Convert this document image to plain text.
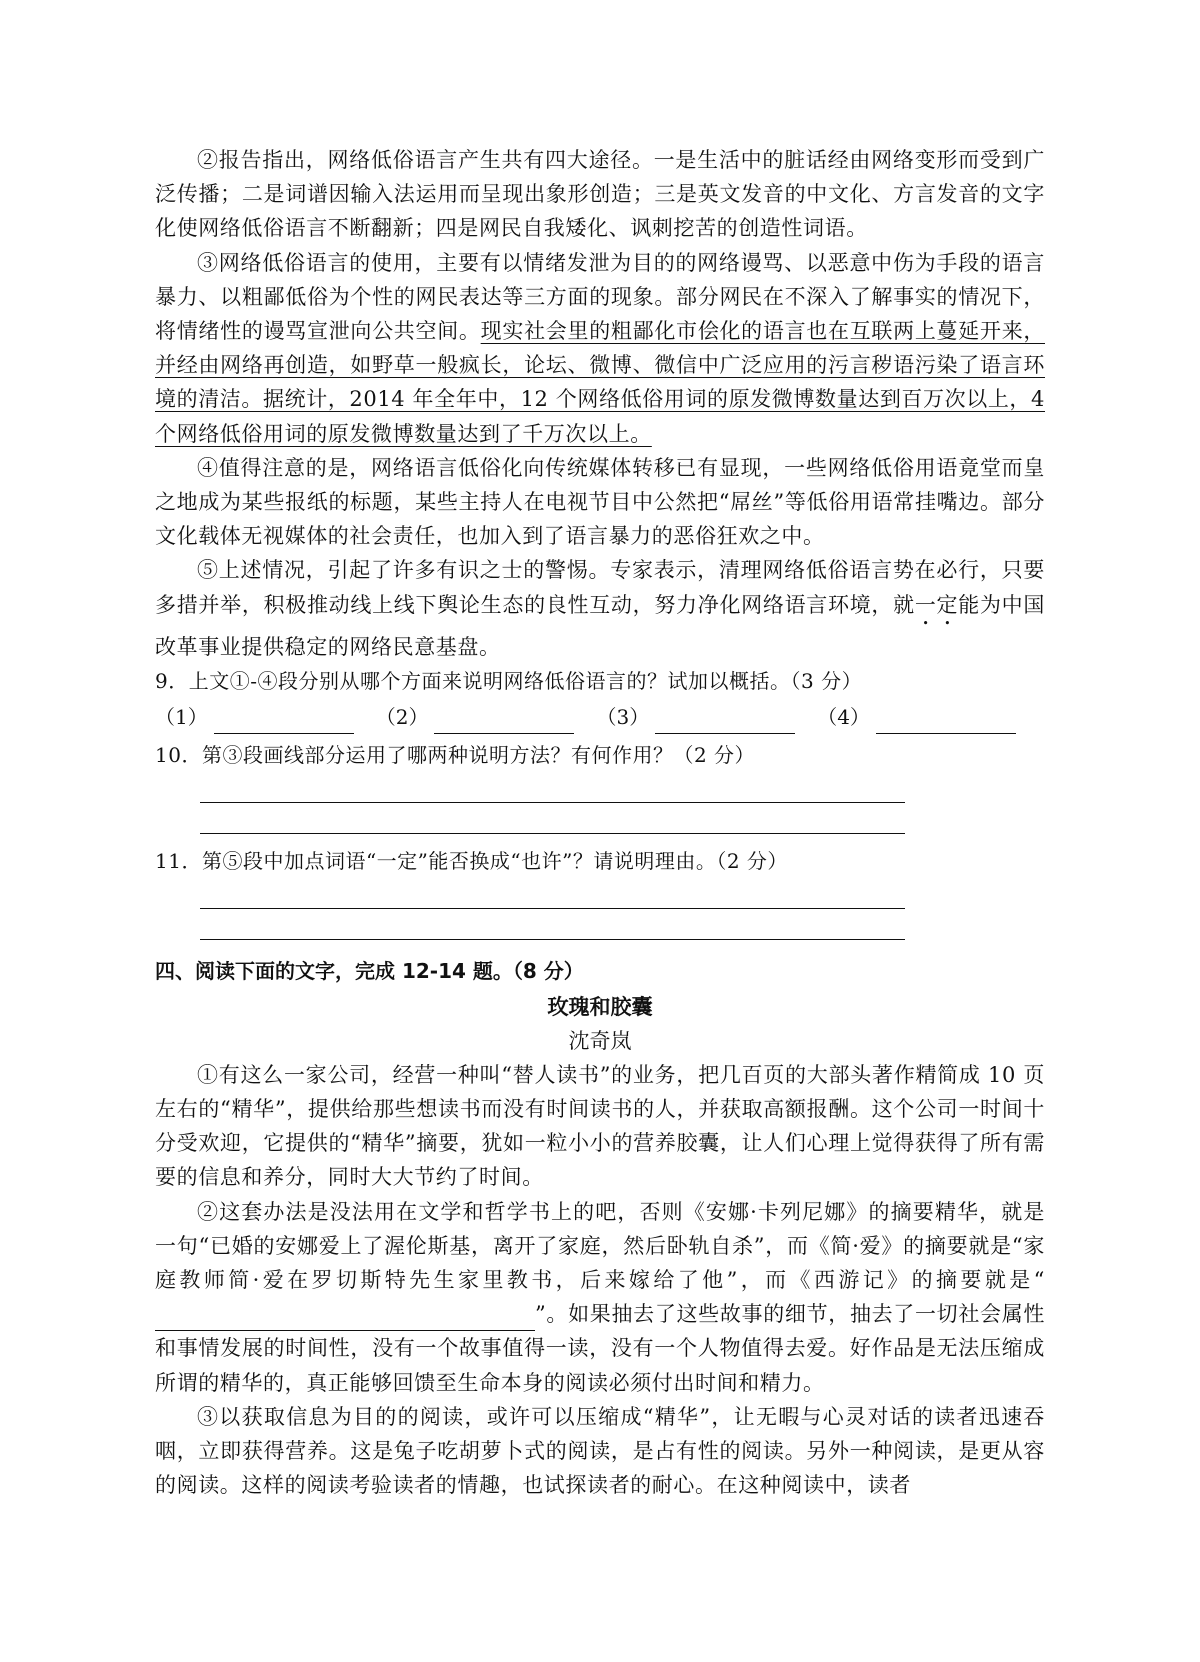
②报告指出，网络低俗语言产生共有四大途径。一是生活中的脏话经由网络变形而受到广泛传播；二是词谱因输入法运用而呈现出象形创造；三是英文发音的中文化、方言发音的文字化使网络低俗语言不断翻新；四是网民自我矮化、讽刺挖苦的创造性词语。

③网络低俗语言的使用，主要有以情绪发泄为目的的网络谩骂、以恶意中伤为手段的语言暴力、以粗鄙低俗为个性的网民表达等三方面的现象。部分网民在不深入了解事实的情况下，将情绪性的谩骂宣泄向公共空间。现实社会里的粗鄙化市侩化的语言也在互联两上蔓延开来，并经由网络再创造，如野草一般疯长，论坛、微博、微信中广泛应用的污言秽语污染了语言环境的清洁。据统计，2014 年全年中，12 个网络低俗用词的原发微博数量达到百万次以上，4 个网络低俗用词的原发微博数量达到了千万次以上。

④值得注意的是，网络语言低俗化向传统媒体转移已有显现，一些网络低俗用语竟堂而皇之地成为某些报纸的标题，某些主持人在电视节目中公然把“屌丝”等低俗用语常挂嘴边。部分文化载体无视媒体的社会责任，也加入到了语言暴力的恶俗狂欢之中。

⑤上述情况，引起了许多有识之士的警惕。专家表示，清理网络低俗语言势在必行，只要多措并举，积极推动线上线下舆论生态的良性互动，努力净化网络语言环境，就一定能为中国改革事业提供稳定的网络民意基盘。

9．上文①-④段分别从哪个方面来说明网络低俗语言的？试加以概括。（3 分）

（1）	（2）	（3）	（4）

10．第③段画线部分运用了哪两种说明方法？有何作用？（2 分）

11．第⑤段中加点词语“一定”能否换成“也许”？请说明理由。（2 分）

四、阅读下面的文字，完成 12-14 题。（8 分）

玫瑰和胶囊

沈奇岚

①有这么一家公司，经营一种叫“替人读书”的业务，把几百页的大部头著作精简成 10 页左右的“精华”，提供给那些想读书而没有时间读书的人，并获取高额报酬。这个公司一时间十分受欢迎，它提供的“精华”摘要，犹如一粒小小的营养胶囊，让人们心理上觉得获得了所有需要的信息和养分，同时大大节约了时间。

②这套办法是没法用在文学和哲学书上的吧，否则《安娜·卡列尼娜》的摘要精华，就是一句“已婚的安娜爱上了渥伦斯基，离开了家庭，然后卧轨自杀”，而《简·爱》的摘要就是“家庭教师简·爱在罗切斯特先生家里教书，后来嫁给了他”，而《西游记》的摘要就是“”。如果抽去了这些故事的细节，抽去了一切社会属性和事情发展的时间性，没有一个故事值得一读，没有一个人物值得去爱。好作品是无法压缩成所谓的精华的，真正能够回馈至生命本身的阅读必须付出时间和精力。

③以获取信息为目的的阅读，或许可以压缩成“精华”，让无暇与心灵对话的读者迅速吞咽，立即获得营养。这是兔子吃胡萝卜式的阅读，是占有性的阅读。另外一种阅读，是更从容的阅读。这样的阅读考验读者的情趣，也试探读者的耐心。在这种阅读中，读者
